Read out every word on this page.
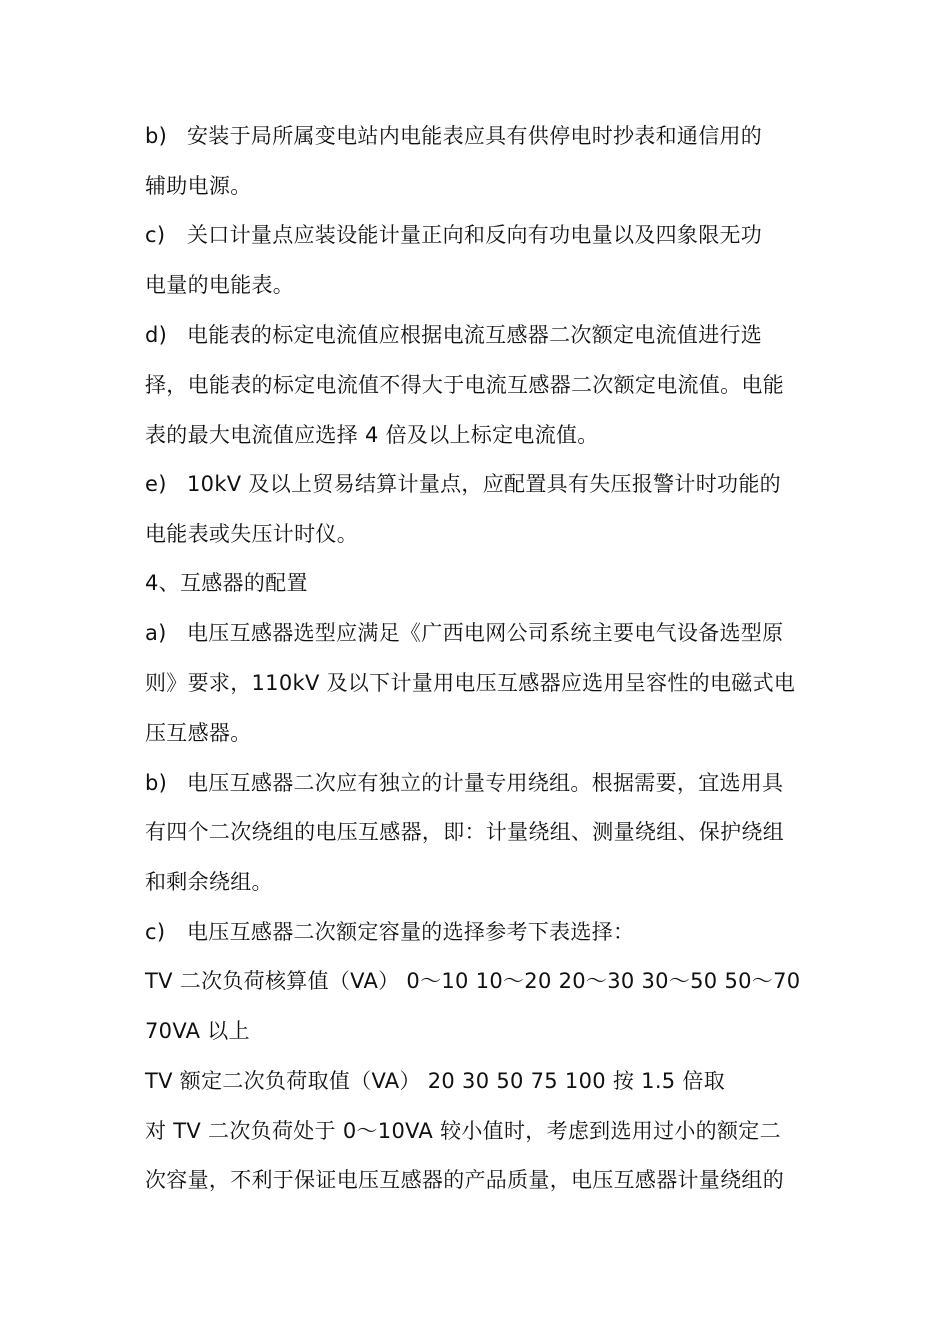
b) 安装于局所属变电站内电能表应具有供停电时抄表和通信用的
辅助电源。
c) 关口计量点应装设能计量正向和反向有功电量以及四象限无功
电量的电能表。
d) 电能表的标定电流值应根据电流互感器二次额定电流值进行选
择，电能表的标定电流值不得大于电流互感器二次额定电流值。电能
表的最大电流值应选择 4 倍及以上标定电流值。
e) 10kV 及以上贸易结算计量点，应配置具有失压报警计时功能的
电能表或失压计时仪。
4、互感器的配置
a) 电压互感器选型应满足《广西电网公司系统主要电气设备选型原
则》要求，110kV 及以下计量用电压互感器应选用呈容性的电磁式电
压互感器。
b) 电压互感器二次应有独立的计量专用绕组。根据需要，宜选用具
有四个二次绕组的电压互感器，即：计量绕组、测量绕组、保护绕组
和剩余绕组。
c) 电压互感器二次额定容量的选择参考下表选择：
TV 二次负荷核算值（VA） 0～10 10～20 20～30 30～50 50～70
70VA 以上
TV 额定二次负荷取值（VA） 20 30 50 75 100 按 1.5 倍取
对 TV 二次负荷处于 0～10VA 较小值时，考虑到选用过小的额定二
次容量，不利于保证电压互感器的产品质量，电压互感器计量绕组的
